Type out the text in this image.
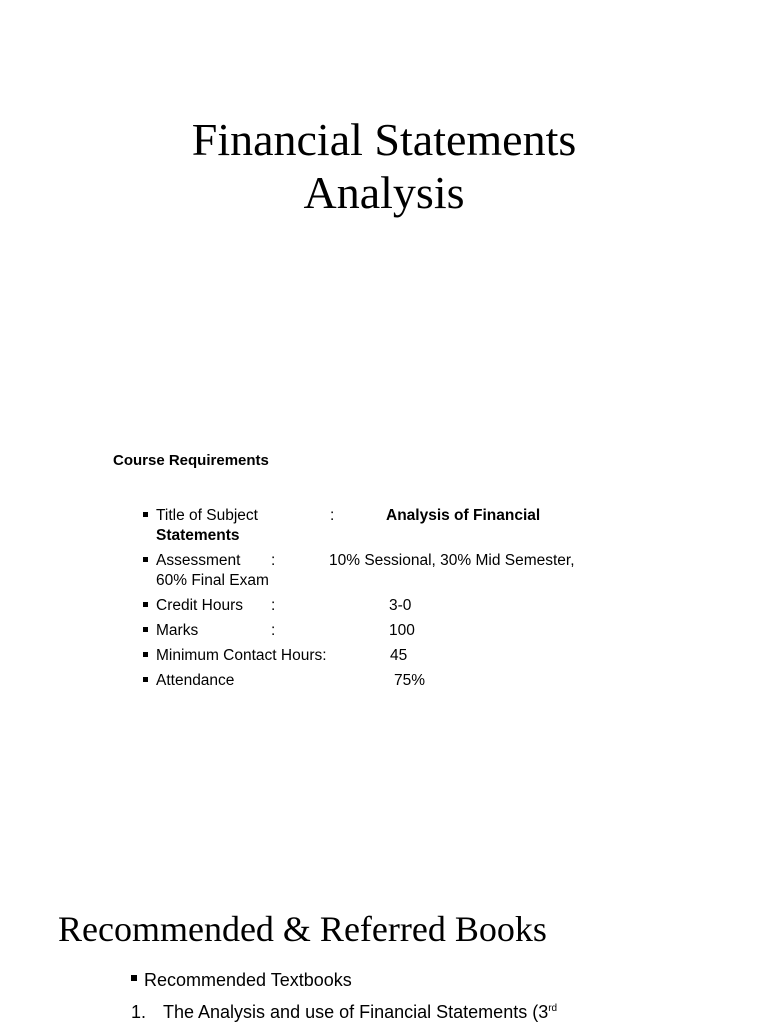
Financial Statements
Analysis
Course Requirements
Title of Subject	:	Analysis of Financial
Statements
Assessment	:	10% Sessional, 30% Mid Semester,
60% Final Exam
Credit Hours	:	3-0
Marks	:	100
Minimum Contact Hours:	45
Attendance	75%
Recommended & Referred Books
Recommended Textbooks
1. The Analysis and use of Financial Statements (3rd
